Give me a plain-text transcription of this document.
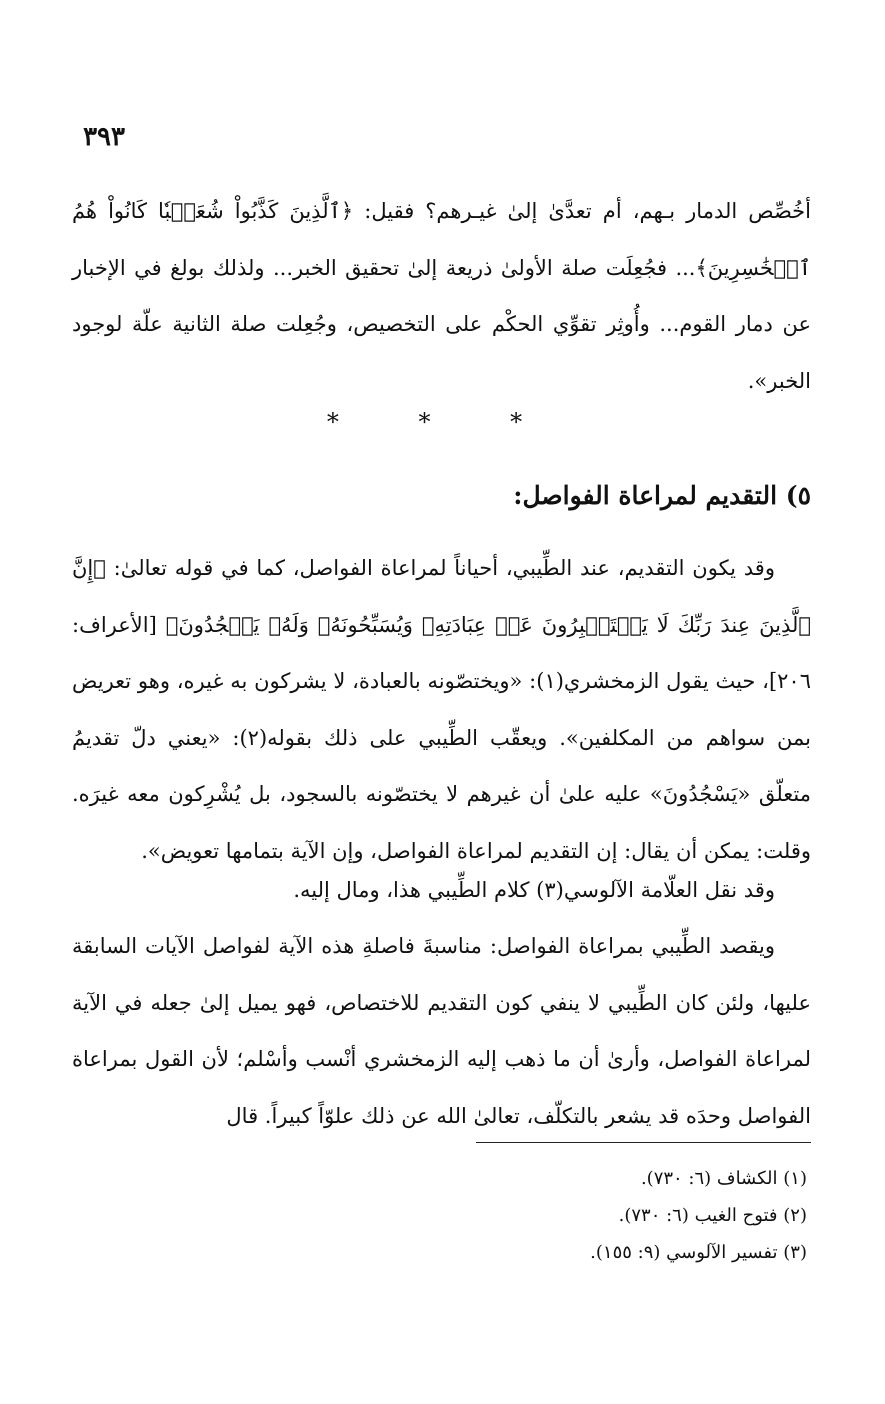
٣٩٣

أخُصِّص الدمار بـهم، أم تعدَّىٰ إلىٰ غيـرهم؟ فقيل: ﴿ٱلَّذِينَ كَذَّبُواْ شُعَيۡبٗا كَانُواْ هُمُ ٱلۡخَٰسِرِينَ﴾... فجُعِلَت صلة الأولىٰ ذريعة إلىٰ تحقيق الخبر... ولذلك بولغ في الإخبار عن دمار القوم... وأُوثِر تقوِّي الحكْم على التخصيص، وجُعِلت صلة الثانية علّة لوجود الخبر».

* * *
٥) التقديم لمراعاة الفواصل:

وقد يكون التقديم، عند الطِّيبي، أحياناً لمراعاة الفواصل، كما في قوله تعالىٰ: ﴿إِنَّ ٱلَّذِينَ عِندَ رَبِّكَ لَا يَسۡتَكۡبِرُونَ عَنۡ عِبَادَتِهِۦ وَيُسَبِّحُونَهُۥ وَلَهُۥ يَسۡجُدُونَ﴾ [الأعراف: ٢٠٦]، حيث يقول الزمخشري(١): «ويختصّونه بالعبادة، لا يشركون به غيره، وهو تعريض بمن سواهم من المكلفين». ويعقّب الطِّيبي على ذلك بقوله(٢): «يعني دلّ تقديمُ متعلّق «يَسْجُدُونَ» عليه علىٰ أن غيرهم لا يختصّونه بالسجود، بل يُشْرِكون معه غيرَه. وقلت: يمكن أن يقال: إن التقديم لمراعاة الفواصل، وإن الآية بتمامها تعويض».

وقد نقل العلّامة الآلوسي(٣) كلام الطِّيبي هذا، ومال إليه.

ويقصد الطِّيبي بمراعاة الفواصل: مناسبةَ فاصلةِ هذه الآية لفواصل الآيات السابقة عليها، ولئن كان الطِّيبي لا ينفي كون التقديم للاختصاص، فهو يميل إلىٰ جعله في الآية لمراعاة الفواصل، وأرىٰ أن ما ذهب إليه الزمخشري أنْسب وأسْلم؛ لأن القول بمراعاة الفواصل وحدَه قد يشعر بالتكلّف، تعالىٰ الله عن ذلك علوّاً كبيراً. قال

(١) الكشاف (٦: ٧٣٠).
(٢) فتوح الغيب (٦: ٧٣٠).
(٣) تفسير الآلوسي (٩: ١٥٥).
